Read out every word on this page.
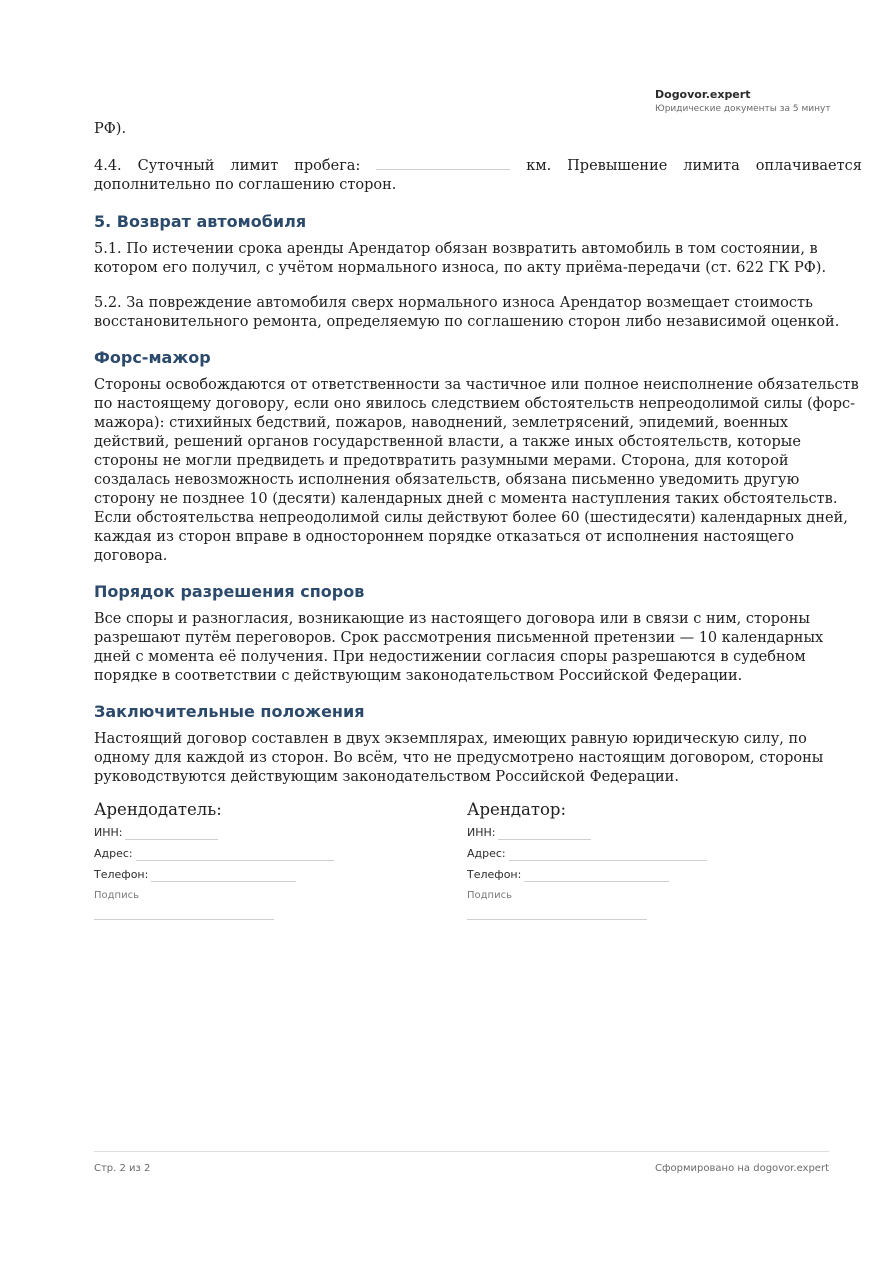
Dogovor.expert
Юридические документы за 5 минут

РФ).

4.4. Суточный лимит пробега:	км. Превышение лимита оплачивается

дополнительно по соглашению сторон.

5. Возврат автомобиля

5.1. По истечении срока аренды Арендатор обязан возвратить автомобиль в том состоянии, в котором его получил, с учётом нормального износа, по акту приёма-передачи (ст. 622 ГК РФ).

5.2. За повреждение автомобиля сверх нормального износа Арендатор возмещает стоимость восстановительного ремонта, определяемую по соглашению сторон либо независимой оценкой.

Форс-мажор

Стороны освобождаются от ответственности за частичное или полное неисполнение обязательств по настоящему договору, если оно явилось следствием обстоятельств непреодолимой силы (форс-мажора): стихийных бедствий, пожаров, наводнений, землетрясений, эпидемий, военных действий, решений органов государственной власти, а также иных обстоятельств, которые стороны не могли предвидеть и предотвратить разумными мерами. Сторона, для которой создалась невозможность исполнения обязательств, обязана письменно уведомить другую сторону не позднее 10 (десяти) календарных дней с момента наступления таких обстоятельств. Если обстоятельства непреодолимой силы действуют более 60 (шестидесяти) календарных дней, каждая из сторон вправе в одностороннем порядке отказаться от исполнения настоящего договора.

Порядок разрешения споров

Все споры и разногласия, возникающие из настоящего договора или в связи с ним, стороны разрешают путём переговоров. Срок рассмотрения письменной претензии — 10 календарных дней с момента её получения. При недостижении согласия споры разрешаются в судебном порядке в соответствии с действующим законодательством Российской Федерации.

Заключительные положения

Настоящий договор составлен в двух экземплярах, имеющих равную юридическую силу, по одному для каждой из сторон. Во всём, что не предусмотрено настоящим договором, стороны руководствуются действующим законодательством Российской Федерации.

Арендодатель:
ИНН:
Адрес:
Телефон:
Подпись
Арендатор:
ИНН:
Адрес:
Телефон:
Подпись
Стр. 2 из 2	Сформировано на dogovor.expert
